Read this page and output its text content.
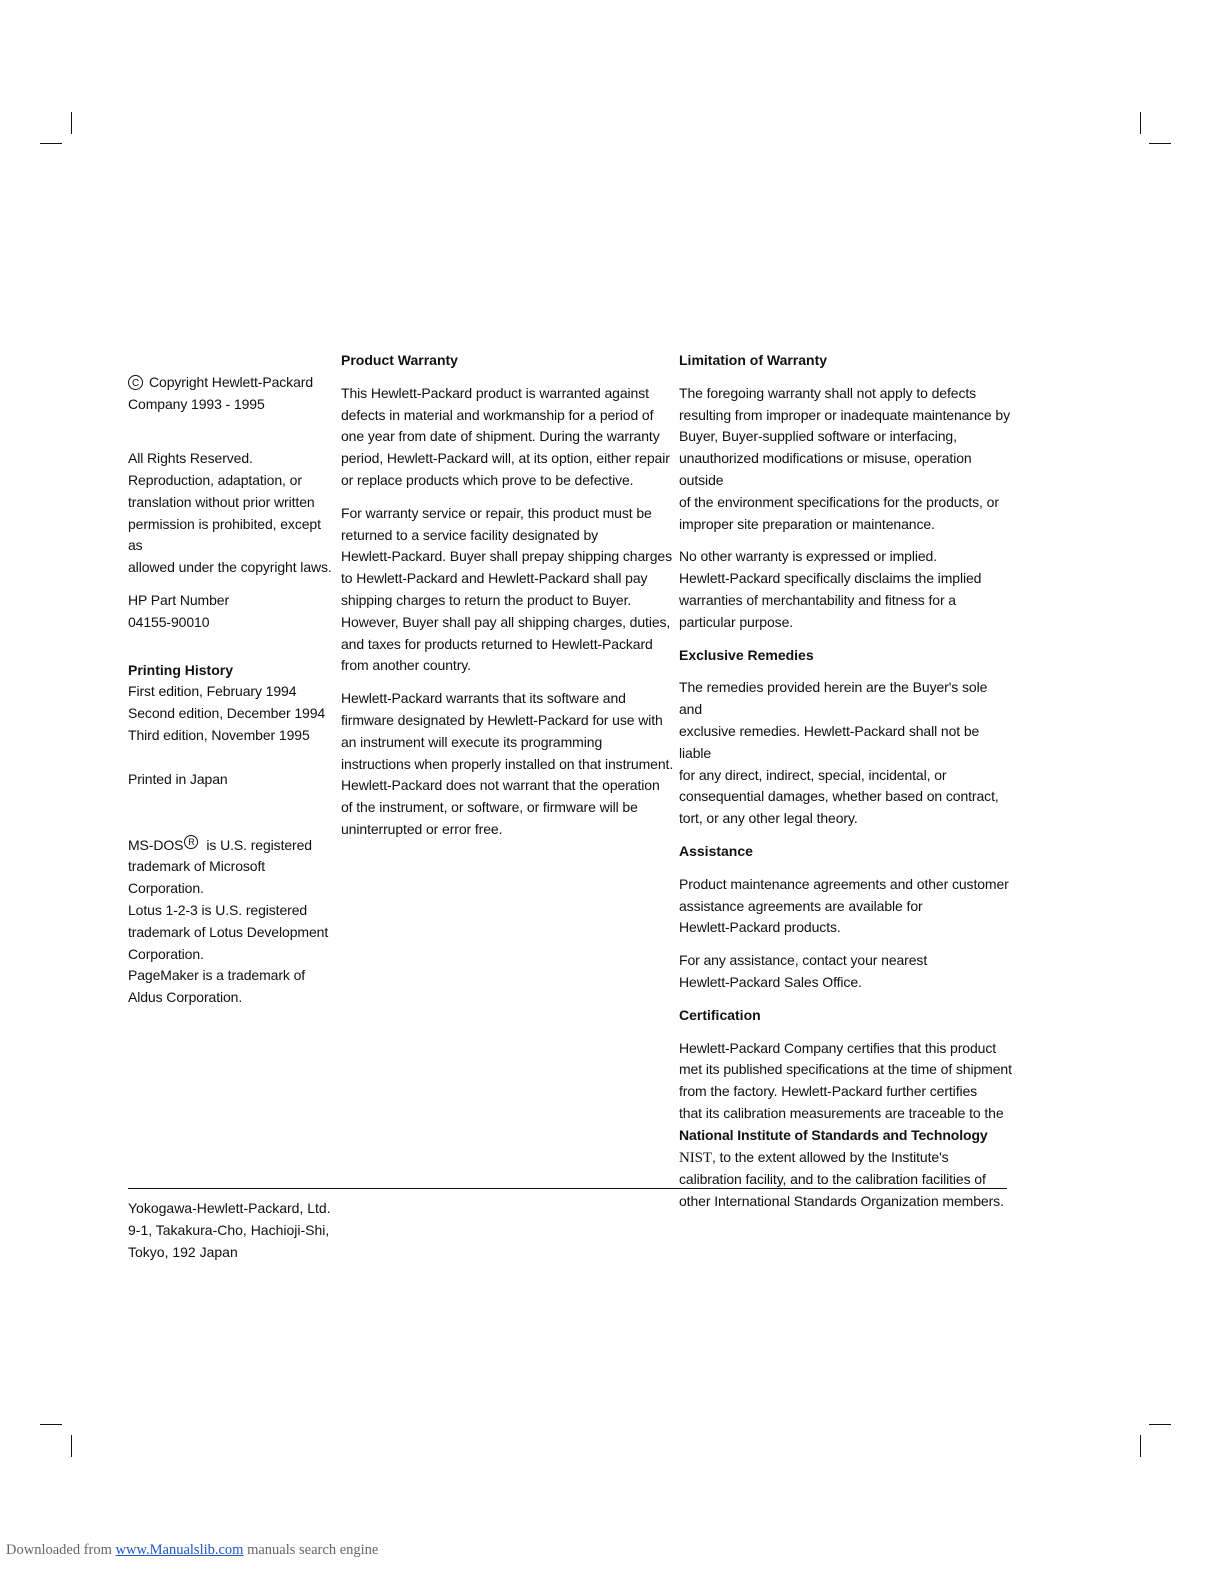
C Copyright Hewlett-Packard
Company 1993 - 1995

All Rights Reserved.
Reproduction, adaptation, or
translation without prior written
permission is prohibited, except as
allowed under the copyright laws.

HP Part Number

04155-90010

Printing History

First edition, February 1994

Second edition, December 1994

Third edition, November 1995

Printed in Japan

MS-DOS R is U.S. registered
trademark of Microsoft
Corporation.
Lotus 1-2-3 is U.S. registered
trademark of Lotus Development
Corporation.
PageMaker is a trademark of
Aldus Corporation.

Product Warranty

This Hewlett-Packard product is warranted against
defects in material and workmanship for a period of
one year from date of shipment. During the warranty
period, Hewlett-Packard will, at its option, either repair
or replace products which prove to be defective.

For warranty service or repair, this product must be
returned to a service facility designated by
Hewlett-Packard. Buyer shall prepay shipping charges
to Hewlett-Packard and Hewlett-Packard shall pay
shipping charges to return the product to Buyer.
However, Buyer shall pay all shipping charges, duties,
and taxes for products returned to Hewlett-Packard
from another country.

Hewlett-Packard warrants that its software and
firmware designated by Hewlett-Packard for use with
an instrument will execute its programming
instructions when properly installed on that instrument.
Hewlett-Packard does not warrant that the operation
of the instrument, or software, or firmware will be
uninterrupted or error free.

Limitation of Warranty

The foregoing warranty shall not apply to defects
resulting from improper or inadequate maintenance by
Buyer, Buyer-supplied software or interfacing,
unauthorized modifications or misuse, operation outside
of the environment specifications for the products, or
improper site preparation or maintenance.

No other warranty is expressed or implied.
Hewlett-Packard specifically disclaims the implied
warranties of merchantability and fitness for a
particular purpose.

Exclusive Remedies

The remedies provided herein are the Buyer's sole and
exclusive remedies. Hewlett-Packard shall not be liable
for any direct, indirect, special, incidental, or
consequential damages, whether based on contract,
tort, or any other legal theory.

Assistance

Product maintenance agreements and other customer
assistance agreements are available for
Hewlett-Packard products.

For any assistance, contact your nearest
Hewlett-Packard Sales Office.

Certification

Hewlett-Packard Company certifies that this product
met its published specifications at the time of shipment
from the factory. Hewlett-Packard further certifies
that its calibration measurements are traceable to the
National Institute of Standards and Technology
NIST, to the extent allowed by the Institute's
calibration facility, and to the calibration facilities of
other International Standards Organization members.

Yokogawa-Hewlett-Packard, Ltd.
9-1, Takakura-Cho, Hachioji-Shi,
Tokyo, 192 Japan
Downloaded from www.Manualslib.com manuals search engine
